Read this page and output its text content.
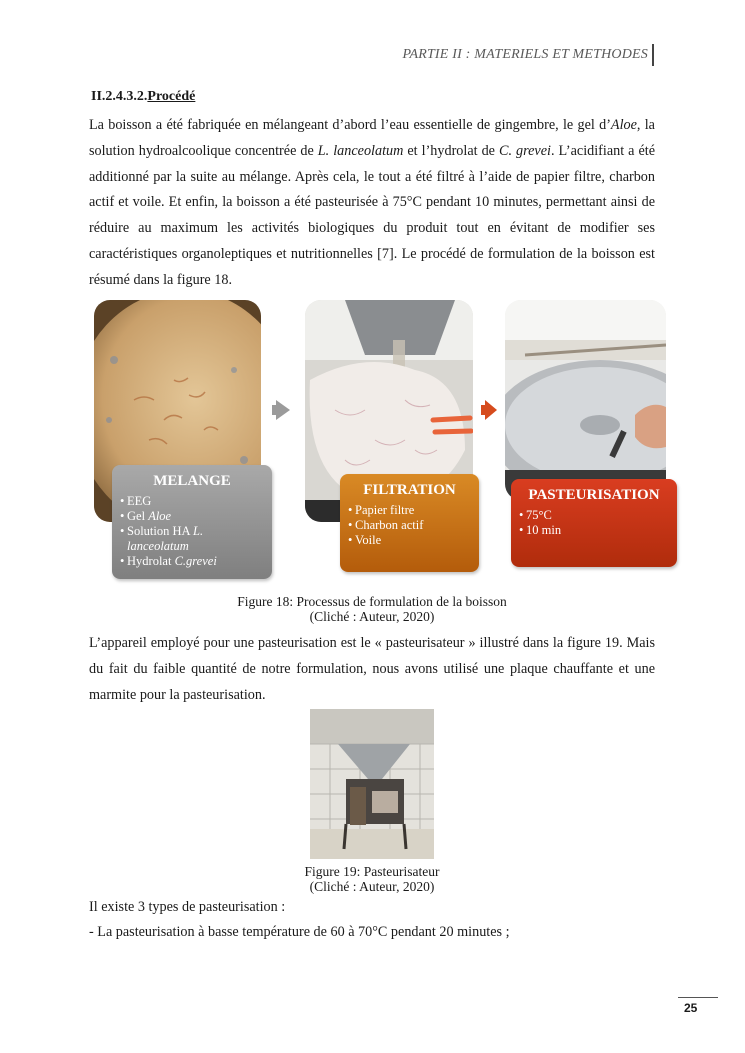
PARTIE II : MATERIELS ET METHODES
II.2.4.3.2.Procédé
La boisson a été fabriquée en mélangeant d’abord l’eau essentielle de gingembre, le gel d’Aloe, la solution hydroalcoolique concentrée de L. lanceolatum et l’hydrolat de C. grevei. L’acidifiant a été additionné par la suite au mélange. Après cela, le tout a été filtré à l’aide de papier filtre, charbon actif et voile. Et enfin, la boisson a été pasteurisée à 75°C pendant 10 minutes, permettant ainsi de réduire au maximum les activités biologiques du produit tout en évitant de modifier ses caractéristiques organoleptiques et nutritionnelles [7]. Le procédé de formulation de la boisson est résumé dans la figure 18.
MELANGE
• EEG
• Gel Aloe
• Solution HA L. lanceolatum
• Hydrolat C.grevei
FILTRATION
• Papier filtre
• Charbon actif
• Voile
PASTEURISATION
• 75°C
• 10 min
Figure 18: Processus de formulation de la boisson
(Cliché : Auteur, 2020)
L’appareil employé pour une pasteurisation est le « pasteurisateur » illustré dans la figure 19. Mais du fait du faible quantité de notre formulation, nous avons utilisé une plaque chauffante et une marmite pour la pasteurisation.
Figure 19: Pasteurisateur
(Cliché : Auteur, 2020)
Il existe 3 types de pasteurisation :
- La pasteurisation à basse température de 60 à 70°C pendant 20 minutes ;
25
